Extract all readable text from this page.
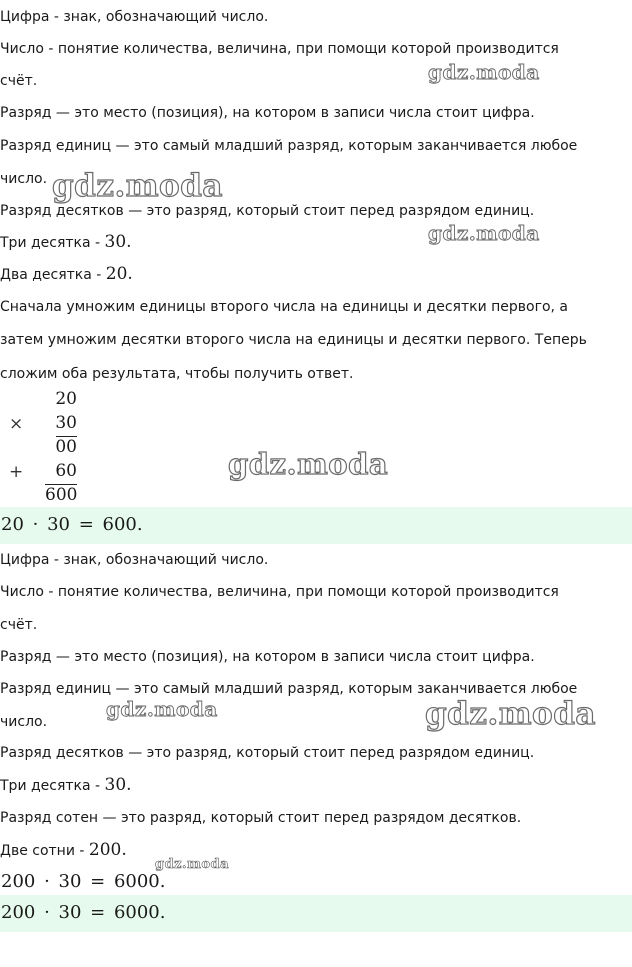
Цифра - знак, обозначающий число.
Число - понятие количества, величина, при помощи которой производится
счёт.
Разряд — это место (позиция), на котором в записи числа стоит цифра.
Разряд единиц — это самый младший разряд, которым заканчивается любое
число.
Разряд десятков — это разряд, который стоит перед разрядом единиц.
Три десятка - 30.
Два десятка - 20.
Сначала умножим единицы второго числа на единицы и десятки первого, а
затем умножим десятки второго числа на единицы и десятки первого. Теперь
сложим оба результата, чтобы получить ответ.
20
×	30
00
+	60
600
20 · 30 = 600.
Цифра - знак, обозначающий число.
Число - понятие количества, величина, при помощи которой производится
счёт.
Разряд — это место (позиция), на котором в записи числа стоит цифра.
Разряд единиц — это самый младший разряд, которым заканчивается любое
число.
Разряд десятков — это разряд, который стоит перед разрядом единиц.
Три десятка - 30.
Разряд сотен — это разряд, который стоит перед разрядом десятков.
Две сотни - 200.
200 · 30 = 6000.
200 · 30 = 6000.
gdz.moda
gdz.moda
gdz.moda
gdz.moda
gdz.moda	gdz.moda
gdz.moda
